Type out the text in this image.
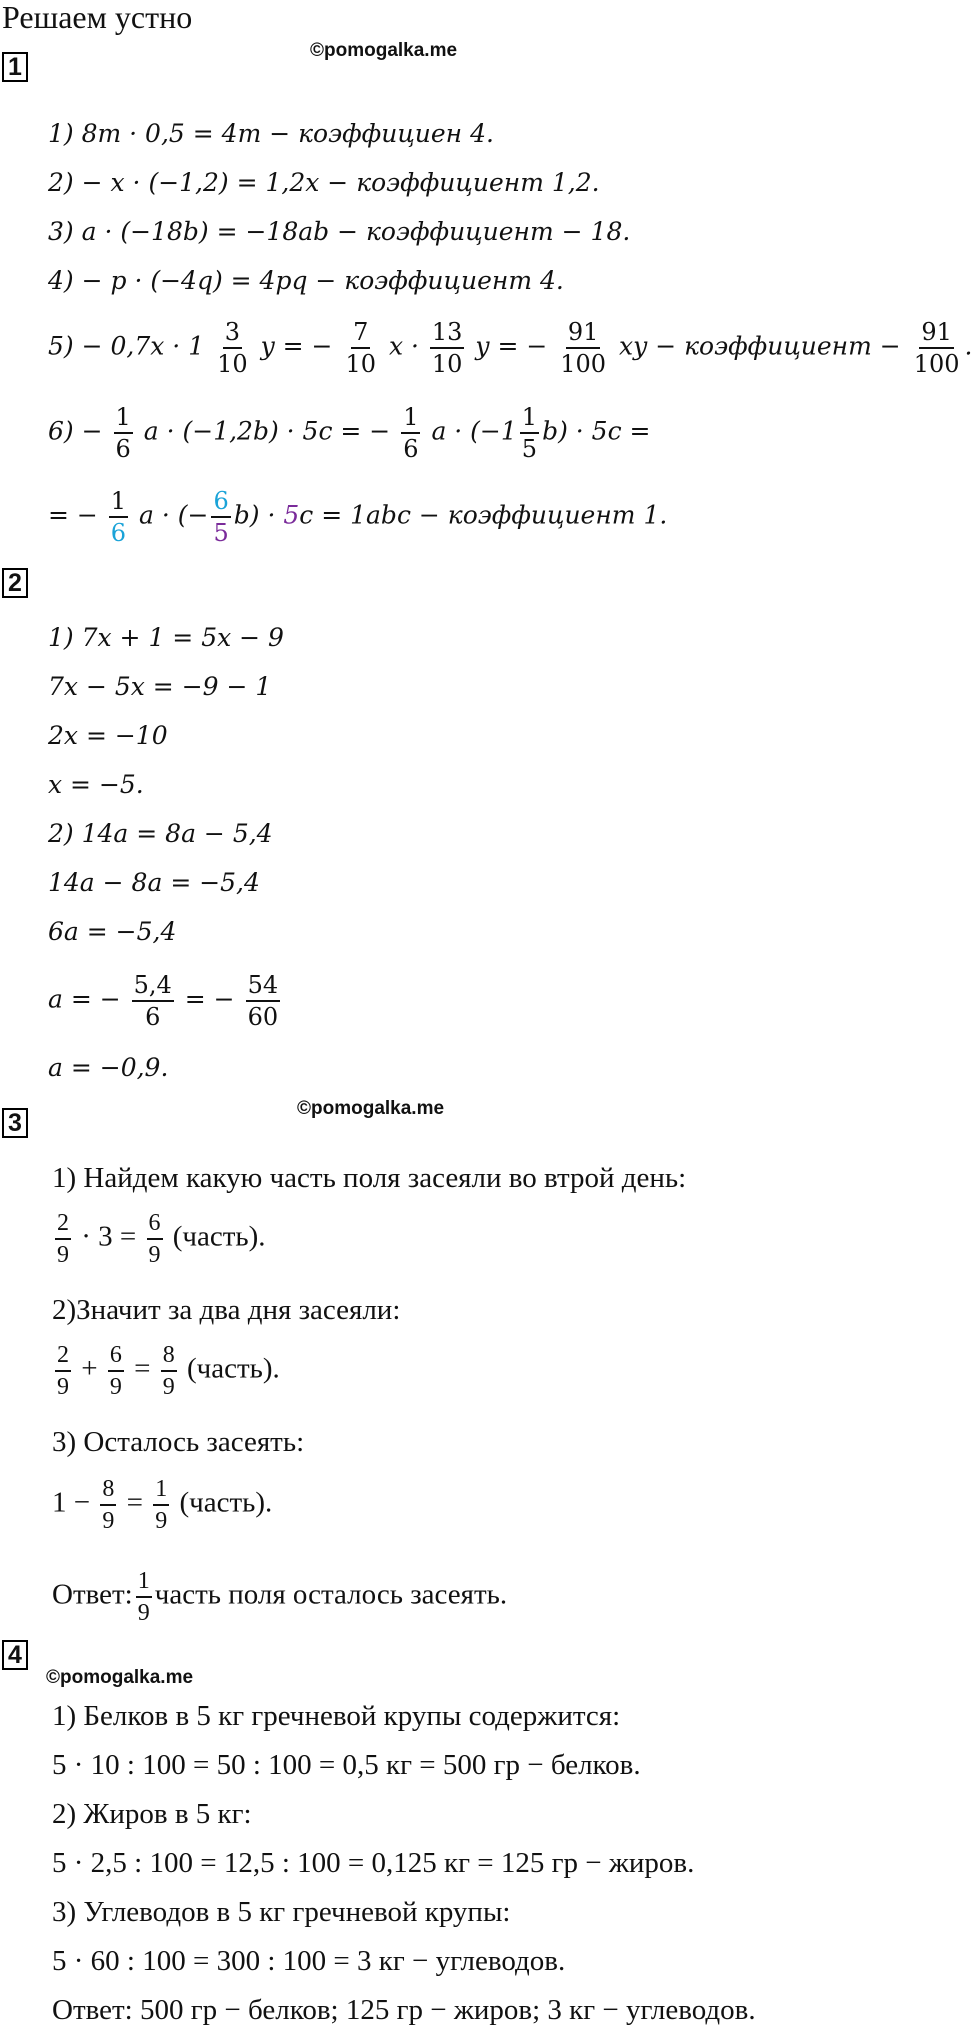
Решаем устно
©pomogalka.me
1
1) 8m · 0,5 = 4m − коэффициен 4.
2) − x · (−1,2) = 1,2x − коэффициент 1,2.
3) a · (−18b) = −18ab − коэффициент − 18.
4) − p · (−4q) = 4pq − коэффициент 4.
$5) - 0,7x \cdot 1 \frac{3}{10}$ y = − $\frac{7}{10}$ $x \cdot \frac{13}{10}$ y = − $\frac{91}{100}$ xy − коэффициент − $\frac{91}{100}$ .
$6) - \frac{1}{6}$ a · (−1,2b) · 5c = − $\frac{1}{6}$ $a \cdot (-1 \frac{1}{5} b) \cdot 5c$ =
= − $\frac{1}{6}$ a · (− $\frac{6}{5} b) \cdot 5c = 1abc$ − коэффициент 1.
2
1) 7x + 1 = 5x − 9
7x − 5x = −9 − 1
2x = −10
x = −5.
2) 14a = 8a − 5,4
14a − 8a = −5,4
6a = −5,4
a = − $\frac{5,4}{6}$ = − $\frac{54}{60}$
a = −0,9.
3
©pomogalka.me
1) Найдем какую часть поля засеяли во втрой день:
$\frac{2}{9} \cdot 3 = \frac{6}{9}$ (часть).
2)Значит за два дня засеяли:
$\frac{2}{9} + \frac{6}{9} = \frac{8}{9}$ (часть).
3) Осталось засеять:
$1 - \frac{8}{9} = \frac{1}{9}$ (часть).
Ответ: $\frac{1}{9}$ часть поля осталось засеять.
4
©pomogalka.me
1) Белков в 5 кг гречневой крупы содержится:
5 · 10 : 100 = 50 : 100 = 0,5 кг = 500 гр − белков.
2) Жиров в 5 кг:
5 · 2,5 : 100 = 12,5 : 100 = 0,125 кг = 125 гр − жиров.
3) Углеводов в 5 кг гречневой крупы:
5 · 60 : 100 = 300 : 100 = 3 кг − углеводов.
Ответ: 500 гр − белков; 125 гр − жиров; 3 кг − углеводов.
